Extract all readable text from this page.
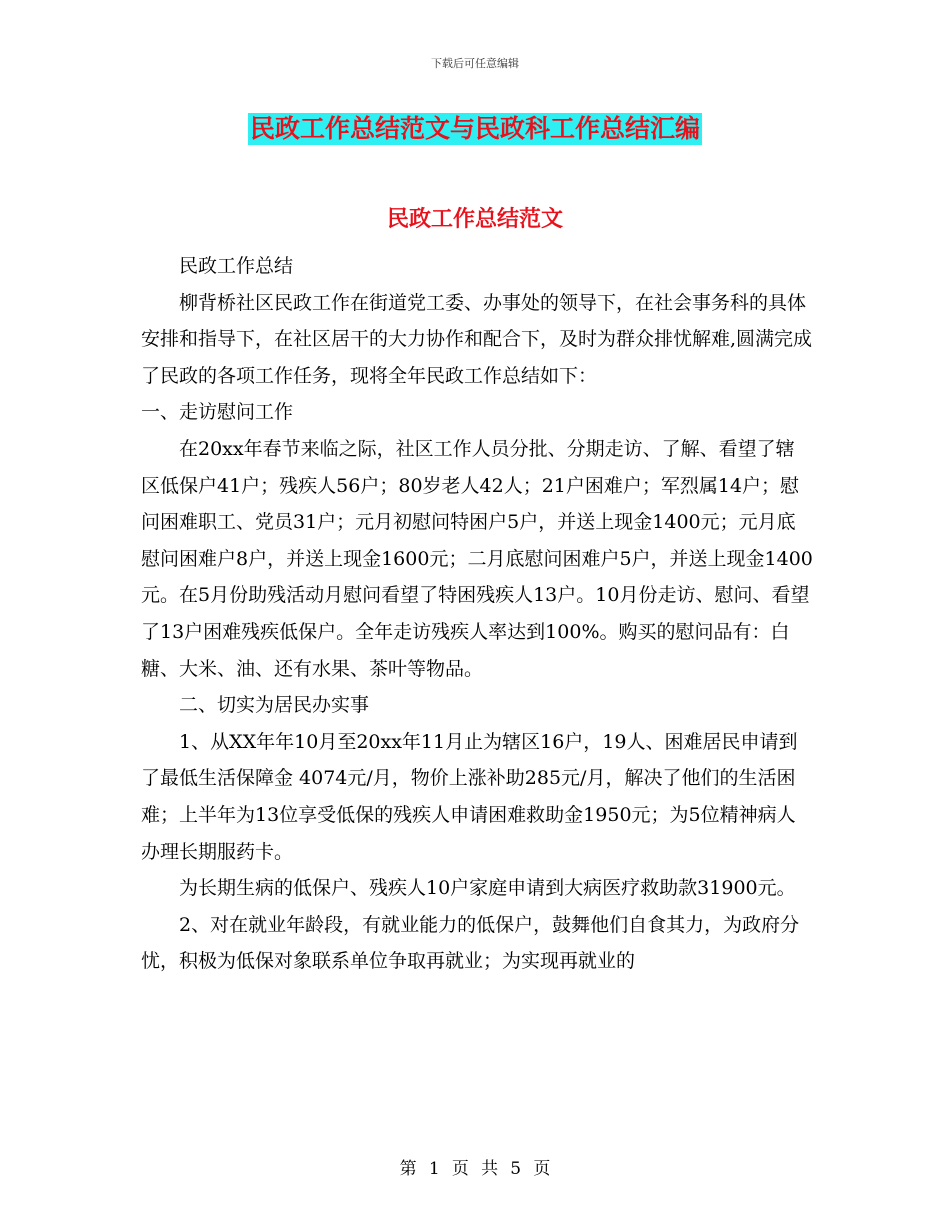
下载后可任意编辑
民政工作总结范文与民政科工作总结汇编
民政工作总结范文

民政工作总结

柳背桥社区民政工作在街道党工委、办事处的领导下，在社会事务科的具体安排和指导下，在社区居干的大力协作和配合下，及时为群众排忧解难,圆满完成了民政的各项工作任务，现将全年民政工作总结如下：

一、走访慰问工作

在20xx年春节来临之际，社区工作人员分批、分期走访、了解、看望了辖区低保户41户；残疾人56户；80岁老人42人；21户困难户；军烈属14户；慰问困难职工、党员31户；元月初慰问特困户5户，并送上现金1400元；元月底慰问困难户8户，并送上现金1600元；二月底慰问困难户5户，并送上现金1400元。在5月份助残活动月慰问看望了特困残疾人13户。10月份走访、慰问、看望了13户困难残疾低保户。全年走访残疾人率达到100%。购买的慰问品有：白糖、大米、油、还有水果、茶叶等物品。

二、切实为居民办实事

1、从XX年年10月至20xx年11月止为辖区16户，19人、困难居民申请到了最低生活保障金 4074元/月，物价上涨补助285元/月，解决了他们的生活困难；上半年为13位享受低保的残疾人申请困难救助金1950元；为5位精神病人办理长期服药卡。

为长期生病的低保户、残疾人10户家庭申请到大病医疗救助款31900元。

2、对在就业年龄段，有就业能力的低保户，鼓舞他们自食其力，为政府分忧，积极为低保对象联系单位争取再就业；为实现再就业的

第 1 页 共 5 页
